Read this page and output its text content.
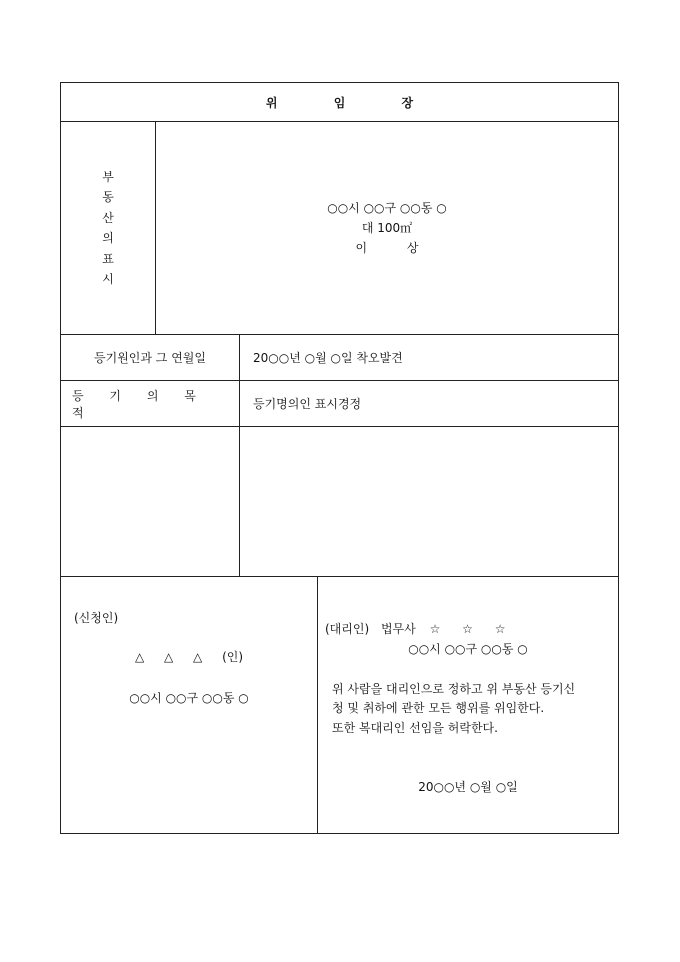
위 임 장
부
동
산
의
표
시
○○시 ○○구 ○○동 ○
대 100㎡
이 상
등기원인과 그 연월일	20○○년 ○월 ○일 착오발견
등 기 의 목 적
등기명의인 표시경정
(신청인)
△ △ △ (인)
○○시 ○○구 ○○동 ○
(대리인) 법무사 ☆ ☆ ☆
○○시 ○○구 ○○동 ○
위 사람을 대리인으로 정하고 위 부동산 등기신
청 및 취하에 관한 모든 행위를 위임한다.
또한 복대리인 선임을 허락한다.
20○○년 ○월 ○일
